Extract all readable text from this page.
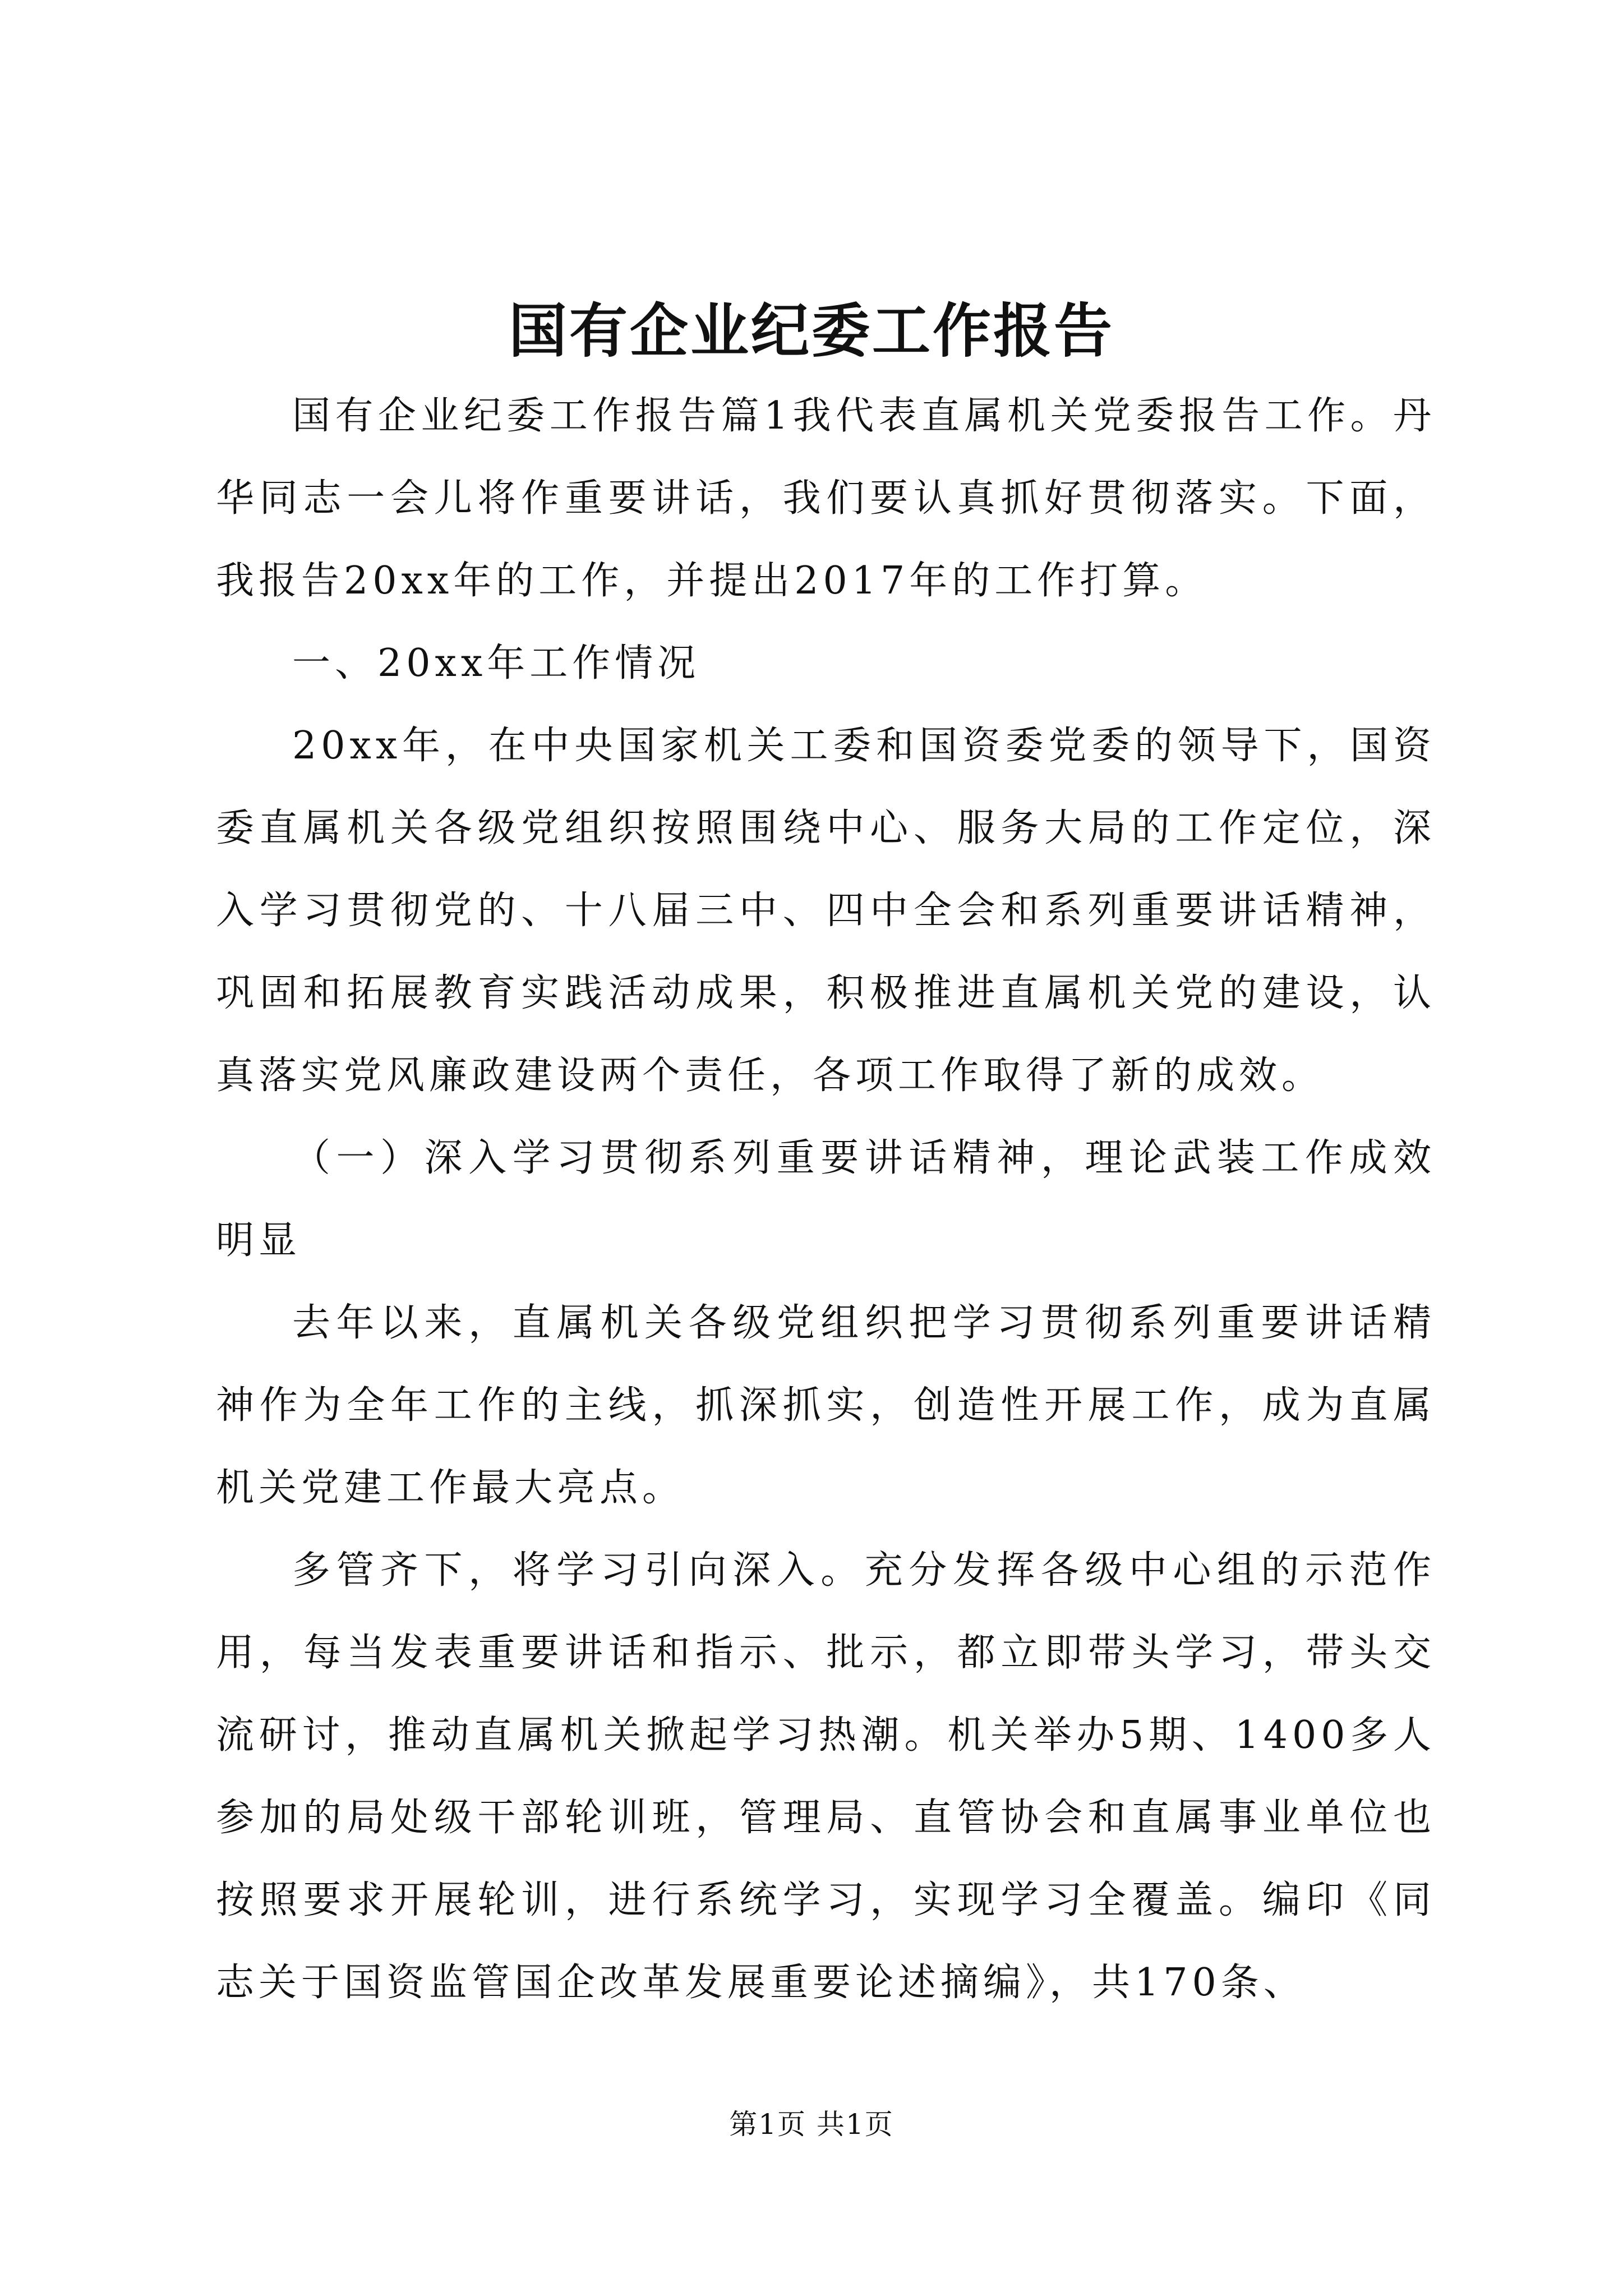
国有企业纪委工作报告

国有企业纪委工作报告篇1我代表直属机关党委报告工作。丹华同志一会儿将作重要讲话，我们要认真抓好贯彻落实。下面，我报告20xx年的工作，并提出2017年的工作打算。

一、20xx年工作情况

20xx年，在中央国家机关工委和国资委党委的领导下，国资委直属机关各级党组织按照围绕中心、服务大局的工作定位，深入学习贯彻党的、十八届三中、四中全会和系列重要讲话精神，巩固和拓展教育实践活动成果，积极推进直属机关党的建设，认真落实党风廉政建设两个责任，各项工作取得了新的成效。

（一）深入学习贯彻系列重要讲话精神，理论武装工作成效明显

去年以来，直属机关各级党组织把学习贯彻系列重要讲话精神作为全年工作的主线，抓深抓实，创造性开展工作，成为直属机关党建工作最大亮点。

多管齐下，将学习引向深入。充分发挥各级中心组的示范作用，每当发表重要讲话和指示、批示，都立即带头学习，带头交流研讨，推动直属机关掀起学习热潮。机关举办5期、1400多人参加的局处级干部轮训班，管理局、直管协会和直属事业单位也按照要求开展轮训，进行系统学习，实现学习全覆盖。编印《同志关于国资监管国企改革发展重要论述摘编》，共170条、

第1页 共1页
